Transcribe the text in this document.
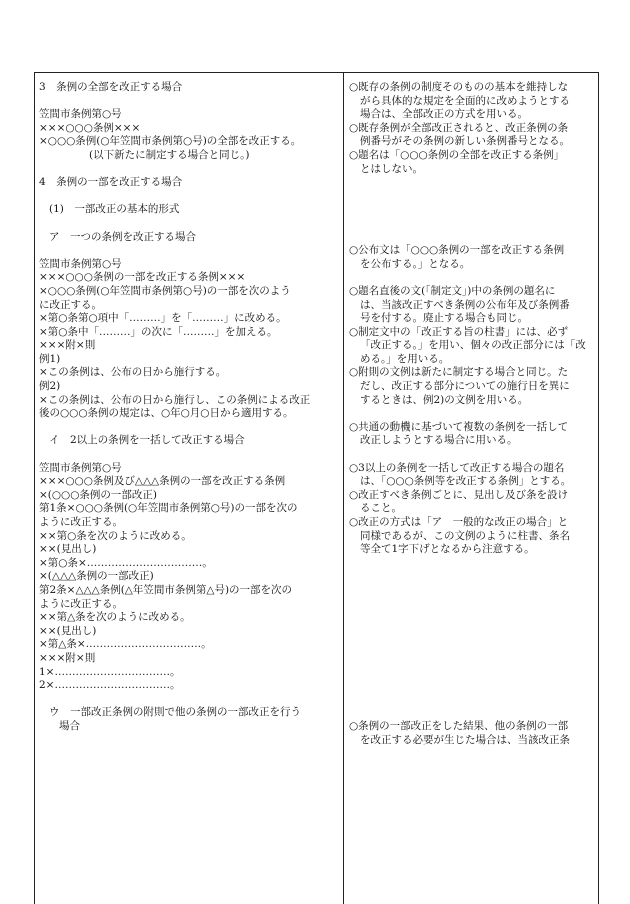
3　条例の全部を改正する場合
笠間市条例第○号
×××○○○条例×××
×○○○条例(○年笠間市条例第○号)の全部を改正する。
(以下新たに制定する場合と同じ。)
4　条例の一部を改正する場合
(1)　一部改正の基本的形式
ア　一つの条例を改正する場合
笠間市条例第○号
×××○○○条例の一部を改正する条例×××
×○○○条例(○年笠間市条例第○号)の一部を次のよう
に改正する。
×第○条第○項中「………」を「………」に改める。
×第○条中「………」の次に「………」を加える。
×××附×則
例1)
×この条例は、公布の日から施行する。
例2)
×この条例は、公布の日から施行し、この条例による改正
後の○○○条例の規定は、○年○月○日から適用する。
イ　2以上の条例を一括して改正する場合
笠間市条例第○号
×××○○○条例及び△△△条例の一部を改正する条例
×(○○○条例の一部改正)
第1条×○○○条例(○年笠間市条例第○号)の一部を次の
ように改正する。
××第○条を次のように改める。
××(見出し)
×第○条×……………………………。
×(△△△条例の一部改正)
第2条×△△△条例(△年笠間市条例第△号)の一部を次の
ように改正する。
××第△条を次のように改める。
××(見出し)
×第△条×……………………………。
×××附×則
1×……………………………。
2×……………………………。
ウ　一部改正条例の附則で他の条例の一部改正を行う
場合
○既存の条例の制度そのものの基本を維持しな
がら具体的な規定を全面的に改めようとする
場合は、全部改正の方式を用いる。
○既存条例が全部改正されると、改正条例の条
例番号がその条例の新しい条例番号となる。
○題名は「○○○条例の全部を改正する条例」
とはしない。
○公布文は「○○○条例の一部を改正する条例
を公布する。」となる。
○題名直後の文(「制定文」)中の条例の題名に
は、当該改正すべき条例の公布年及び条例番
号を付する。廃止する場合も同じ。
○制定文中の「改正する旨の柱書」には、必ず
「改正する。」を用い、個々の改正部分には「改
める。」を用いる。
○附則の文例は新たに制定する場合と同じ。た
だし、改正する部分についての施行日を異に
するときは、例2)の文例を用いる。
○共通の動機に基づいて複数の条例を一括して
改正しようとする場合に用いる。
○3以上の条例を一括して改正する場合の題名
は、「○○○条例等を改正する条例」とする。
○改正すべき条例ごとに、見出し及び条を設け
ること。
○改正の方式は「ア　一般的な改正の場合」と
同様であるが、この文例のように柱書、条名
等全て1字下げとなるから注意する。
○条例の一部改正をした結果、他の条例の一部
を改正する必要が生じた場合は、当該改正条
